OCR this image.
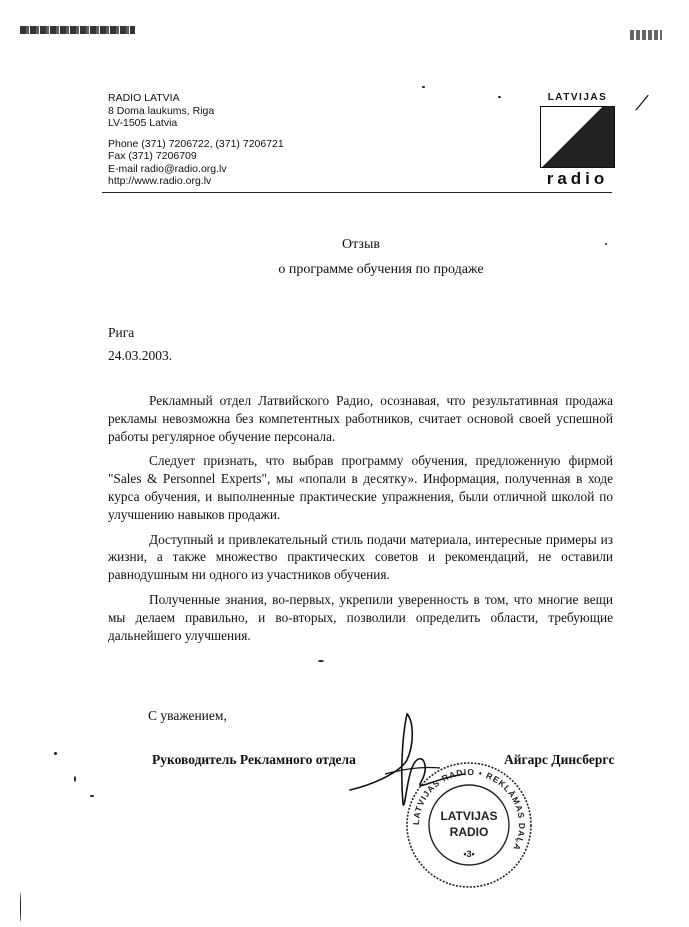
RADIO LATVIA
8 Doma laukums, Riga
LV-1505 Latvia
Phone (371) 7206722, (371) 7206721
Fax (371) 7206709
E-mail radio@radio.org.lv
http://www.radio.org.lv
LATVIJAS
radio
/
Отзыв
о программе обучения по продаже
Рига
24.03.2003.

Рекламный отдел Латвийского Радио, осознавая, что результативная продажа рекламы невозможна без компетентных работников, считает основой своей успешной работы регулярное обучение персонала.

Следует признать, что выбрав программу обучения, предложенную фирмой "Sales & Personnel Experts", мы «попали в десятку». Информация, полученная в ходе курса обучения, и выполненные практические упражнения, были отличной школой по улучшению навыков продажи.

Доступный и привлекательный стиль подачи материала, интересные примеры из жизни, а также множество практических советов и рекомендаций, не оставили равнодушным ни одного из участников обучения.

Полученные знания, во-первых, укрепили уверенность в том, что многие вещи мы делаем правильно, и во-вторых, позволили определить области, требующие дальнейшего улучшения.

С уважением,
Руководитель Рекламного отдела	Айгарс Динсбергс
LATVIJAS RADIO • REKLĀMAS DAĻA
LATVIJAS
RADIO
•3•
